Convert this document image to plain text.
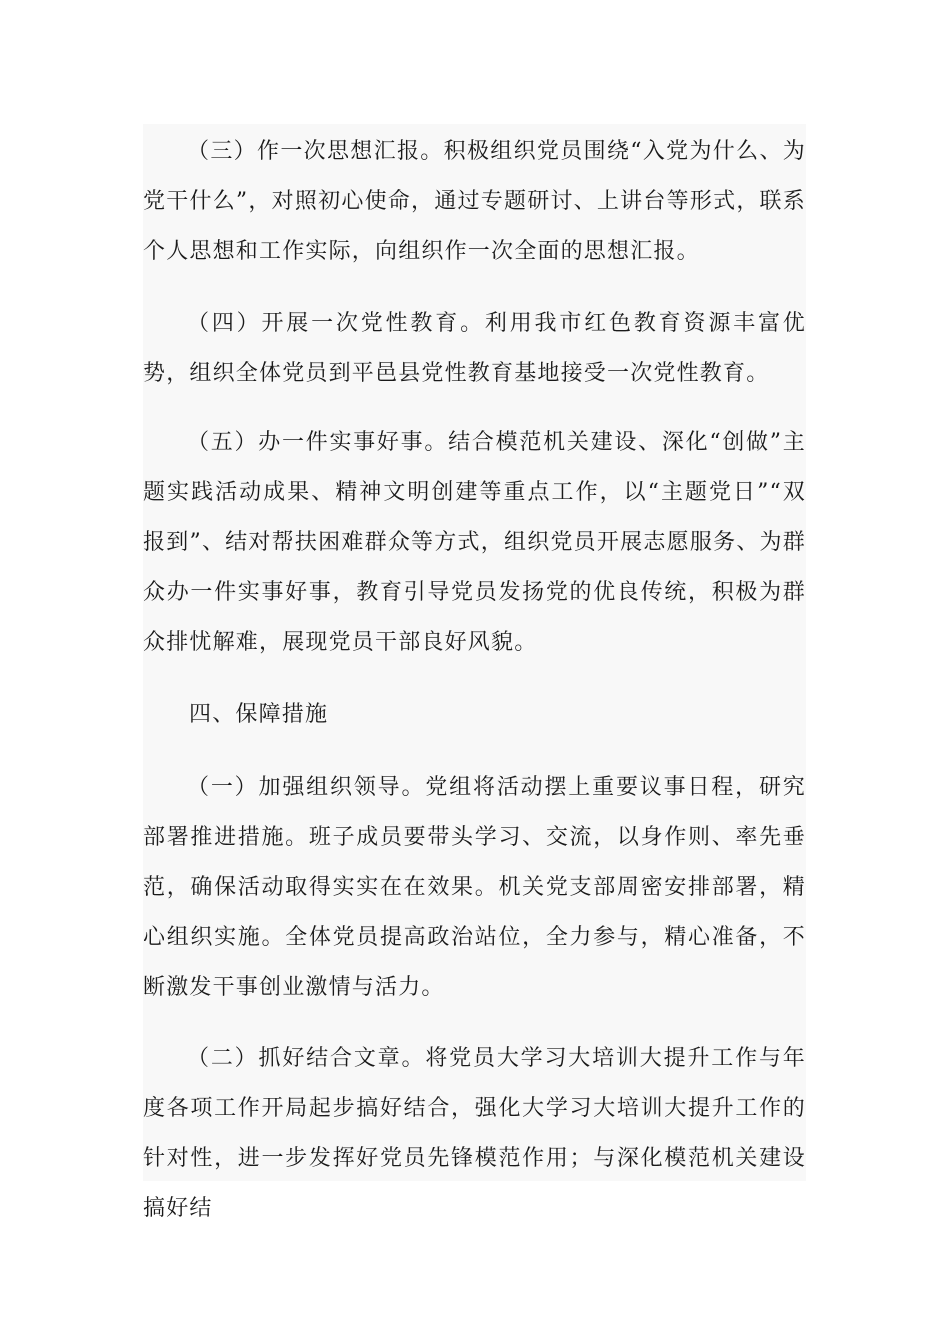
（三）作一次思想汇报。积极组织党员围绕“入党为什么、为党干什么”，对照初心使命，通过专题研讨、上讲台等形式，联系个人思想和工作实际，向组织作一次全面的思想汇报。

（四）开展一次党性教育。利用我市红色教育资源丰富优势，组织全体党员到平邑县党性教育基地接受一次党性教育。

（五）办一件实事好事。结合模范机关建设、深化“创做”主题实践活动成果、精神文明创建等重点工作，以“主题党日”“双报到”、结对帮扶困难群众等方式，组织党员开展志愿服务、为群众办一件实事好事，教育引导党员发扬党的优良传统，积极为群众排忧解难，展现党员干部良好风貌。

四、保障措施

（一）加强组织领导。党组将活动摆上重要议事日程，研究部署推进措施。班子成员要带头学习、交流，以身作则、率先垂范，确保活动取得实实在在效果。机关党支部周密安排部署，精心组织实施。全体党员提高政治站位，全力参与，精心准备，不断激发干事创业激情与活力。

（二）抓好结合文章。将党员大学习大培训大提升工作与年度各项工作开局起步搞好结合，强化大学习大培训大提升工作的针对性，进一步发挥好党员先锋模范作用；与深化模范机关建设搞好结
